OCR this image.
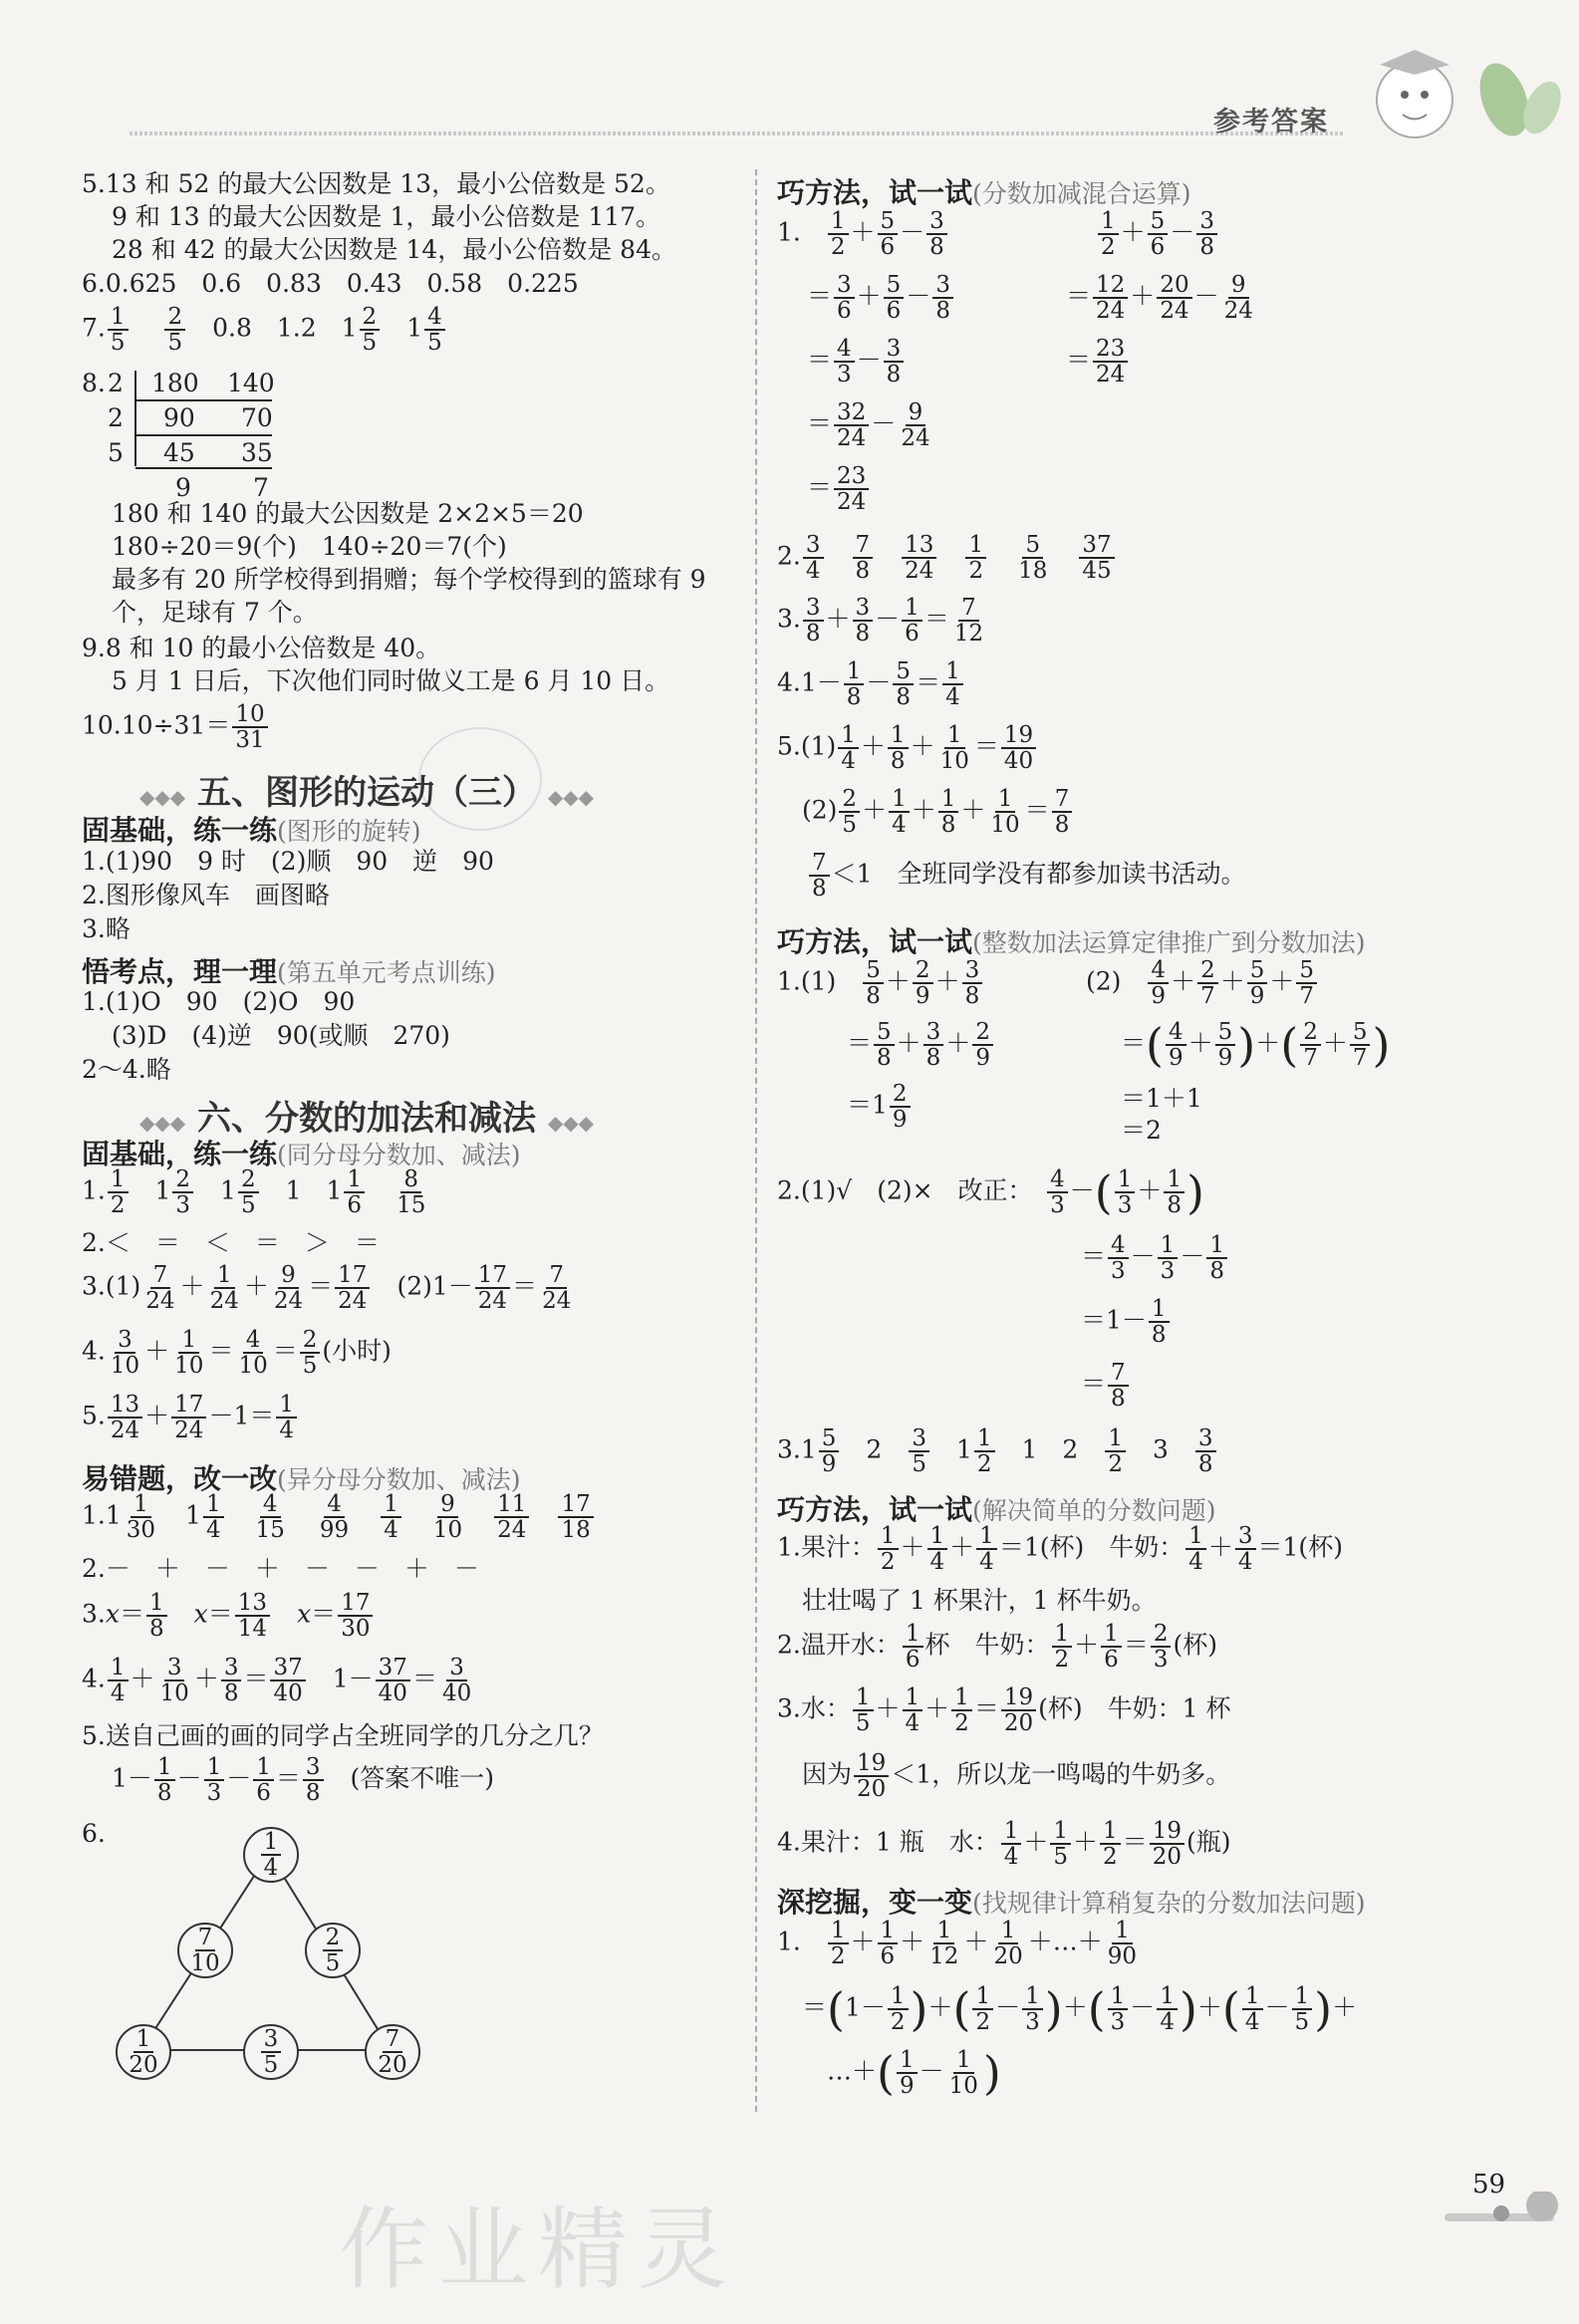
参考答案
5.13 和 52 的最大公因数是 13，最小公倍数是 52。
9 和 13 的最大公因数是 1，最小公倍数是 117。
28 和 42 的最大公因数是 14，最小公倍数是 84。
6.0.625　0.6　0.83　0.43　0.58　0.225
7. $\frac{1}{5}$
　 $\frac{2}{5}$
　 0.8　1.2　$1 \frac{2}{5}$ 　$1 \frac{4}{5}$
8. 2 180 140
2 90 70
5 45 35
9 7
180 和 140 的最大公因数是 2×2×5＝20
180÷20＝9(个)　140÷20＝7(个)
最多有 20 所学校得到捐赠；每个学校得到的篮球有 9
个，足球有 7 个。
9.8 和 10 的最小公倍数是 40。
5 月 1 日后，下次他们同时做义工是 6 月 10 日。
$10.10\div 31= \frac{10}{31}$
◆◆◆ 五、图形的运动（三） ◆◆◆
固基础，练一练(图形的旋转)
1.(1)90　9 时　(2)顺　90　逆　90
2.图形像风车　画图略
3.略
悟考点，理一理(第五单元考点训练)
1.(1)O　90　(2)O　90
(3)D　(4)逆　90(或顺　270)
2～4.略
◆◆◆ 六、分数的加法和减法 ◆◆◆
固基础，练一练(同分母分数加、减法)
1. $\frac{1}{2}$ 　$1 \frac{2}{3}$ 　$1 \frac{2}{5}$ 　1　$1 \frac{1}{6}$
　 $\frac{8}{15}$
2.＜　＝　＜　＝　＞　＝
$3.(1) \frac{7}{24} + \frac{1}{24} + \frac{9}{24} = \frac{17}{24}$ 　$(2)1- \frac{17}{24} = \frac{7}{24}$
4. $\frac{3}{10} + \frac{1}{10} = \frac{4}{10} = \frac{2}{5}$ (小时)
5. $\frac{13}{24} + \frac{17}{24} -1= \frac{1}{4}$
易错题，改一改(异分母分数加、减法)
$1.1 \frac{1}{30}$ 　$1 \frac{1}{4}$
　 $\frac{4}{15}$
　 $\frac{4}{99}$
　 $\frac{1}{4}$
　 $\frac{9}{10}$
　 $\frac{11}{24}$
　 $\frac{17}{18}$
2.－　＋　－　＋　－　－　＋　－
$3.x= \frac{1}{8}$
　 $x= \frac{13}{14}$
　 $x= \frac{17}{30}$
4. $\frac{1}{4} + \frac{3}{10} + \frac{3}{8} = \frac{37}{40}$ 　$1- \frac{37}{40} = \frac{3}{40}$
5.送自己画的画的同学占全班同学的几分之几？
$1- \frac{1}{8} - \frac{1}{3} - \frac{1}{6} = \frac{3}{8}$
　 (答案不唯一)
6.	$\frac{1}{4}$
$\frac{7}{10}$	$\frac{2}{5}$
$\frac{1}{20}$	$\frac{3}{5}$	$\frac{7}{20}$
巧方法，试一试(分数加减混合运算)
1.　 $\frac{1}{2} + \frac{5}{6} - \frac{3}{8}$
＝ $\frac{3}{6} + \frac{5}{6} - \frac{3}{8}$
＝ $\frac{4}{3} - \frac{3}{8}$
＝ $\frac{32}{24} - \frac{9}{24}$
＝ $\frac{23}{24}$
$\frac{1}{2} + \frac{5}{6} - \frac{3}{8}$
＝ $\frac{12}{24} + \frac{20}{24} - \frac{9}{24}$
＝ $\frac{23}{24}$
2. $\frac{3}{4}$
　 $\frac{7}{8}$
　 $\frac{13}{24}$
　 $\frac{1}{2}$
　 $\frac{5}{18}$
　 $\frac{37}{45}$
3. $\frac{3}{8} + \frac{3}{8} - \frac{1}{6} = \frac{7}{12}$
$4.1- \frac{1}{8} - \frac{5}{8} = \frac{1}{4}$
$5.(1) \frac{1}{4} + \frac{1}{8} + \frac{1}{10} = \frac{19}{40}$
$(2) \frac{2}{5} + \frac{1}{4} + \frac{1}{8} + \frac{1}{10} = \frac{7}{8}$
$\frac{7}{8} <1$　全班同学没有都参加读书活动。
巧方法，试一试(整数加法运算定律推广到分数加法)
1.(1)　 $\frac{5}{8} + \frac{2}{9} + \frac{3}{8}$
＝ $\frac{5}{8} + \frac{3}{8} + \frac{2}{9}$
$=1 \frac{2}{9}$
(2)　 $\frac{4}{9} + \frac{2}{7} + \frac{5}{9} + \frac{5}{7}$
＝( $\frac{4}{9} + \frac{5}{9}$ )＋( $\frac{2}{7} + \frac{5}{7}$ )
＝1＋1
＝2
2.(1)√　(2)×　改正：　 $\frac{4}{3}$ －( $\frac{1}{3} + \frac{1}{8}$ )
＝ $\frac{4}{3} - \frac{1}{3} - \frac{1}{8}$
$=1- \frac{1}{8}$
＝ $\frac{7}{8}$
$3.1 \frac{5}{9}$ 　2　 $\frac{3}{5}$ 　$1 \frac{1}{2}$ 　1　2　 $\frac{1}{2}$ 　3　 $\frac{3}{8}$
巧方法，试一试(解决简单的分数问题)
1.果汁： $\frac{1}{2} + \frac{1}{4} + \frac{1}{4} =1$(杯)　牛奶： $\frac{1}{4} + \frac{3}{4} =1$(杯)
壮壮喝了 1 杯果汁，1 杯牛奶。
2.温开水： $\frac{1}{6}$ 杯　牛奶： $\frac{1}{2} + \frac{1}{6} = \frac{2}{3}$ (杯)
3.水： $\frac{1}{5} + \frac{1}{4} + \frac{1}{2} = \frac{19}{20}$ (杯)　牛奶：1 杯
因为 $\frac{19}{20} <1$，所以龙一鸣喝的牛奶多。
4.果汁：1 瓶　水： $\frac{1}{4} + \frac{1}{5} + \frac{1}{2} = \frac{19}{20}$ (瓶)
深挖掘，变一变(找规律计算稍复杂的分数加法问题)
1.　 $\frac{1}{2} + \frac{1}{6} + \frac{1}{12} + \frac{1}{20}$ ＋…＋ $\frac{1}{90}$
$=(1- \frac{1}{2}$ )＋( $\frac{1}{2} - \frac{1}{3}$ )＋( $\frac{1}{3} - \frac{1}{4}$ )＋( $\frac{1}{4} - \frac{1}{5}$ )＋
…＋( $\frac{1}{9} - \frac{1}{10}$ )
作业精灵
59
